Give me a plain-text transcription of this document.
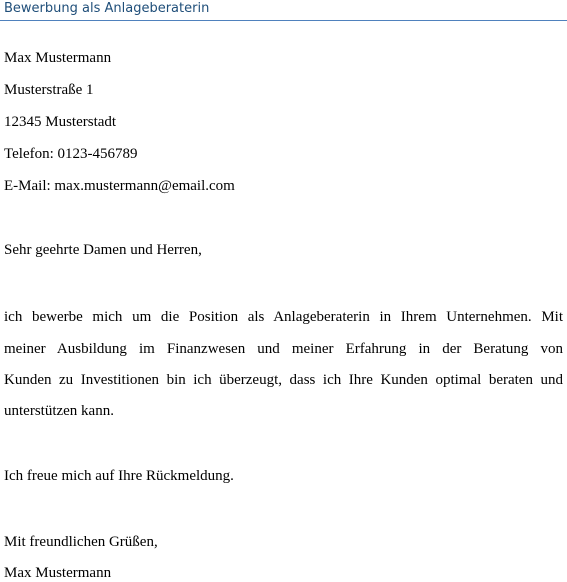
Bewerbung als Anlageberaterin
Max Mustermann
Musterstraße 1
12345 Musterstadt
Telefon: 0123-456789
E-Mail: max.mustermann@email.com
Sehr geehrte Damen und Herren,
ich bewerbe mich um die Position als Anlageberaterin in Ihrem Unternehmen. Mit
meiner Ausbildung im Finanzwesen und meiner Erfahrung in der Beratung von
Kunden zu Investitionen bin ich überzeugt, dass ich Ihre Kunden optimal beraten und
unterstützen kann.
Ich freue mich auf Ihre Rückmeldung.
Mit freundlichen Grüßen,
Max Mustermann
